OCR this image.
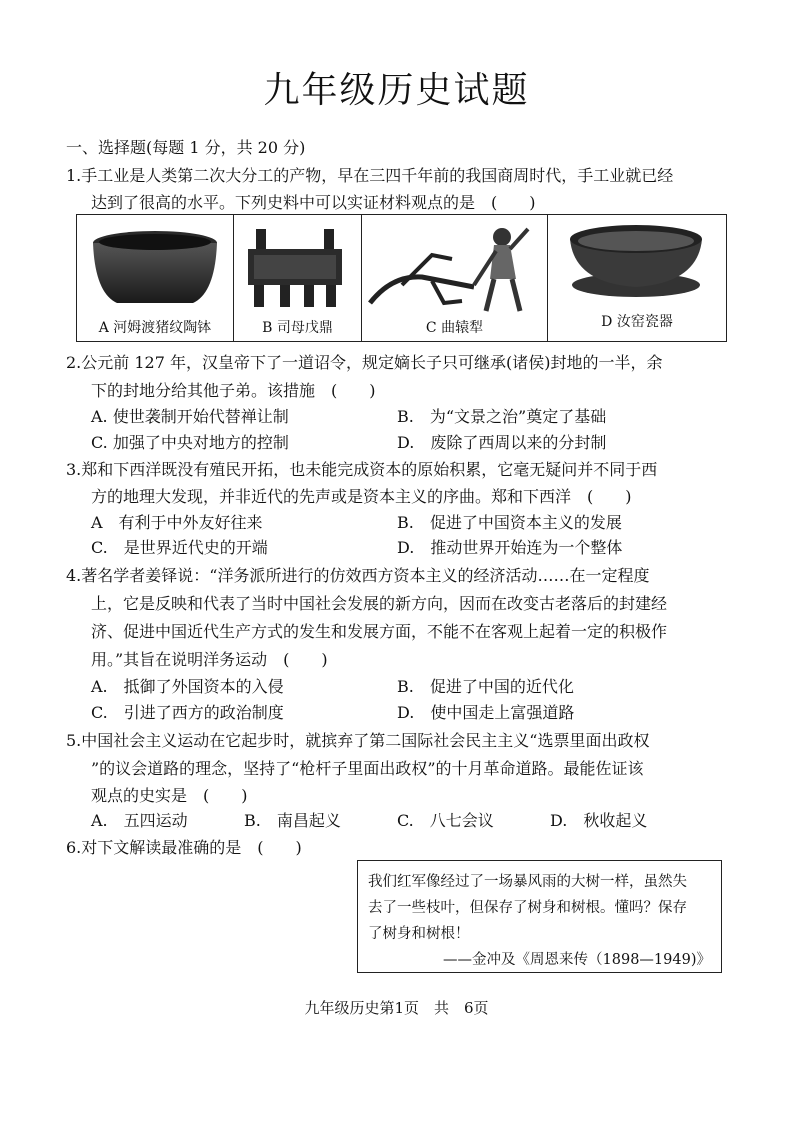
九年级历史试题
一、选择题(每题 1 分，共 20 分)
1.手工业是人类第二次大分工的产物，早在三四千年前的我国商周时代，手工业就已经
达到了很高的水平。下列史料中可以实证材料观点的是　(　　)
A 河姆渡猪纹陶钵	B 司母戊鼎	C 曲辕犁	D 汝窑瓷器
2.公元前 127 年，汉皇帝下了一道诏令，规定嫡长子只可继承(诸侯)封地的一半，余
下的封地分给其他子弟。该措施　(　　)
A. 使世袭制开始代替禅让制	B.　为“文景之治”奠定了基础
C. 加强了中央对地方的控制	D.　废除了西周以来的分封制
3.郑和下西洋既没有殖民开拓，也未能完成资本的原始积累，它毫无疑问并不同于西
方的地理大发现，并非近代的先声或是资本主义的序曲。郑和下西洋　(　　)
A　有利于中外友好往来	B.　促进了中国资本主义的发展
C.　是世界近代史的开端	D.　推动世界开始连为一个整体
4.著名学者姜铎说：“洋务派所进行的仿效西方资本主义的经济活动……在一定程度
上，它是反映和代表了当时中国社会发展的新方向，因而在改变古老落后的封建经
济、促进中国近代生产方式的发生和发展方面，不能不在客观上起着一定的积极作
用。”其旨在说明洋务运动　(　　)
A.　抵御了外国资本的入侵	B.　促进了中国的近代化
C.　引进了西方的政治制度	D.　使中国走上富强道路
5.中国社会主义运动在它起步时，就摈弃了第二国际社会民主主义“选票里面出政权
”的议会道路的理念，坚持了“枪杆子里面出政权”的十月革命道路。最能佐证该
观点的史实是　(　　)
A.　五四运动	B.　南昌起义	C.　八七会议	D.　秋收起义
6.对下文解读最准确的是　(　　)
我们红军像经过了一场暴风雨的大树一样，虽然失
去了一些枝叶，但保存了树身和树根。懂吗？保存
了树身和树根！
——金冲及《周恩来传（1898—1949)》
九年级历史第1页　共　6页
